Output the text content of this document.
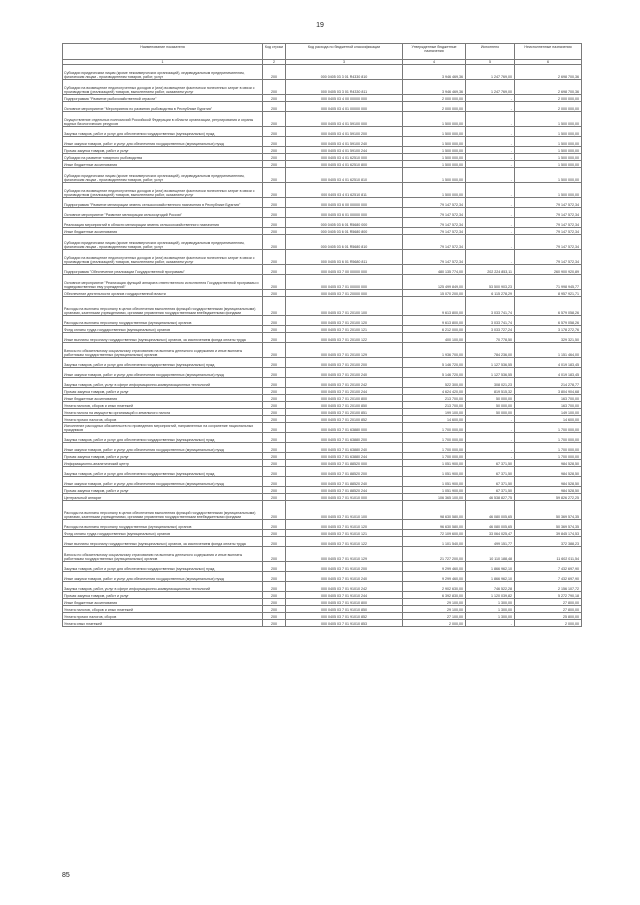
19
Наименование показателя	Код строки	Код расхода по бюджетной классификации	Утвержденные бюджетные назначения	Исполнено	Неисполненные назначения
1	2	3	4	5	6
Субсидии юридическим лицам (кроме некоммерческих организаций), индивидуальным предпринимателям, физическим лицам - производителям товаров, работ, услуг	200	000 0405 03 3 01 R4330 810	3 946 469,36	1 247 769,00	2 698 700,36
Субсидии на возмещение недополученных доходов и (или) возмещение фактически понесенных затрат в связи с производством (реализацией) товаров, выполнением работ, оказанием услуг	200	000 0405 03 3 01 R4330 811	3 946 469,36	1 247 769,00	2 698 700,36
Подпрограмма "Развитие рыбохозяйственной отрасли"	200	000 0405 03 4 00 00000 000	2 000 000,00	-	2 000 000,00
Основное мероприятие "Мероприятия по развитию рыбоводства в Республике Бурятия"	200	000 0405 03 4 01 00000 000	2 000 000,00	-	2 000 000,00
Осуществление отдельных полномочий Российской Федерации в области организации, регулирования и охраны водных биологических ресурсов	200	000 0405 03 4 01 59100 000	1 500 000,00	-	1 500 000,00
Закупка товаров, работ и услуг для обеспечения государственных (муниципальных) нужд	200	000 0405 03 4 01 59100 200	1 500 000,00	-	1 500 000,00
Иные закупки товаров, работ и услуг для обеспечения государственных (муниципальных) нужд	200	000 0405 03 4 01 59100 240	1 500 000,00	-	1 500 000,00
Прочая закупка товаров, работ и услуг	200	000 0405 03 4 01 59100 244	1 500 000,00	-	1 500 000,00
Субсидии на развитие товарного рыбоводства	200	000 0405 03 4 01 62510 000	1 500 000,00	-	1 500 000,00
Иные бюджетные ассигнования	200	000 0405 03 4 01 62510 800	1 500 000,00	-	1 500 000,00
Субсидии юридическим лицам (кроме некоммерческих организаций), индивидуальным предпринимателям, физическим лицам - производителям товаров, работ, услуг	200	000 0405 03 4 01 62510 810	1 500 000,00	-	1 500 000,00
Субсидии на возмещение недополученных доходов и (или) возмещение фактически понесенных затрат в связи с производством (реализацией) товаров, выполнением работ, оказанием услуг	200	000 0405 03 4 01 62510 811	1 500 000,00	-	1 500 000,00
Подпрограмма "Развитие мелиорации земель сельскохозяйственного назначения в Республике Бурятия"	200	000 0405 03 6 00 00000 000	79 147 572,34	-	79 147 572,34
Основное мероприятие "Развитие мелиорации сельхозугодий России"	200	000 0405 03 6 01 00000 000	79 147 572,34	-	79 147 572,34
Реализация мероприятий в области мелиорации земель сельскохозяйственного назначения	200	000 0405 03 6 01 R5680 000	79 147 572,34	-	79 147 572,34
Иные бюджетные ассигнования	200	000 0405 03 6 01 R5680 800	79 147 572,34	-	79 147 572,34
Субсидии юридическим лицам (кроме некоммерческих организаций), индивидуальным предпринимателям, физическим лицам - производителям товаров, работ, услуг	200	000 0405 03 6 01 R5680 810	79 147 572,34	-	79 147 572,34
Субсидии на возмещение недополученных доходов и (или) возмещение фактически понесенных затрат в связи с производством (реализацией) товаров, выполнением работ, оказанием услуг	200	000 0405 03 6 01 R5680 811	79 147 572,34	-	79 147 572,34
Подпрограмма "Обеспечение реализации Государственной программы"	200	000 0405 03 7 00 00000 000	480 135 774,00	202 224 853,11	260 900 920,89
Основное мероприятие "Реализация функций аппарата ответственного исполнителя Государственной программы и подведомственных ему учреждений"	200	000 0405 03 7 01 00000 000	125 499 849,00	53 500 903,23	71 998 945,77
Обеспечение деятельности органов государственной власти	200	000 0405 03 7 01 20000 000	15 070 200,00	6 115 278,29	8 957 921,71
Расходы на выплаты персоналу в целях обеспечения выполнения функций государственными (муниципальными) органами, казенными учреждениями, органами управления государственными внебюджетными фондами	200	000 0405 03 7 01 20100 100	9 613 800,00	3 033 741,74	6 579 058,26
Расходы на выплаты персоналу государственных (муниципальных) органов	200	000 0405 03 7 01 20100 120	9 613 800,00	3 033 741,74	6 579 058,26
Фонд оплаты труда государственных (муниципальных) органов	200	000 0405 03 7 01 20100 121	6 212 000,00	3 033 727,24	3 178 272,76
Иные выплаты персоналу государственных (муниципальных) органов, за исключением фонда оплаты труда	200	000 0405 03 7 01 20100 122	400 100,00	70 778,50	329 321,50
Взносы по обязательному социальному страхованию на выплаты денежного содержания и иные выплаты работникам государственных (муниципальных) органов	200	000 0405 03 7 01 20100 129	1 936 700,00	784 236,00	1 151 464,00
Закупка товаров, работ и услуг для обеспечения государственных (муниципальных) нужд	200	000 0405 03 7 01 20100 200	5 146 720,00	1 127 536,55	4 019 183,45
Иные закупки товаров, работ и услуг для обеспечения государственных (муниципальных) нужд	200	000 0405 03 7 01 20100 240	5 146 720,00	1 127 536,55	4 019 183,45
Закупка товаров, работ, услуг в сфере информационно-коммуникационных технологий	200	000 0405 03 7 01 20100 242	522 300,00	308 021,23	214 278,77
Прочая закупка товаров, работ и услуг	200	000 0405 03 7 01 20100 244	4 624 420,00	819 515,32	3 804 904,68
Иные бюджетные ассигнования	200	000 0405 03 7 01 20100 800	213 700,00	50 000,00	163 700,00
Уплата налогов, сборов и иных платежей	200	000 0405 03 7 01 20100 850	213 700,00	50 000,00	163 700,00
Уплата налога на имущество организаций и земельного налога	200	000 0405 03 7 01 20100 851	199 100,00	50 000,00	149 100,00
Уплата прочих налогов, сборов	200	000 0405 03 7 01 20100 852	14 600,00	-	14 600,00
Исполнение расходных обязательств по проведению мероприятий, направленных на сохранение национальных праздников	200	000 0405 03 7 01 63880 000	1 700 000,00	-	1 700 000,00
Закупка товаров, работ и услуг для обеспечения государственных (муниципальных) нужд	200	000 0405 03 7 01 63880 200	1 700 000,00	-	1 700 000,00
Иные закупки товаров, работ и услуг для обеспечения государственных (муниципальных) нужд	200	000 0405 03 7 01 63880 240	1 700 000,00	-	1 700 000,00
Прочая закупка товаров, работ и услуг	200	000 0405 03 7 01 63880 244	1 700 000,00	-	1 700 000,00
Информационно-аналитический центр	200	000 0405 03 7 01 88520 000	1 051 900,00	67 371,50	984 528,50
Закупка товаров, работ и услуг для обеспечения государственных (муниципальных) нужд	200	000 0405 03 7 01 88520 200	1 051 900,00	67 371,50	984 528,50
Иные закупки товаров, работ и услуг для обеспечения государственных (муниципальных) нужд	200	000 0405 03 7 01 88520 240	1 051 900,00	67 371,50	984 528,50
Прочая закупка товаров, работ и услуг	200	000 0405 03 7 01 88520 244	1 051 900,00	67 371,50	984 528,50
Центральный аппарат	200	000 0405 03 7 01 91010 000	106 365 100,00	46 538 827,75	59 826 272,25
Расходы на выплаты персоналу в целях обеспечения выполнения функций государственными (муниципальными) органами, казенными учреждениями, органами управления государственными внебюджетными фондами	200	000 0405 03 7 01 91010 100	98 630 580,00	46 080 005,65	50 369 574,35
Расходы на выплаты персоналу государственных (муниципальных) органов	200	000 0405 03 7 01 91010 120	96 630 580,00	46 080 005,65	50 369 574,35
Фонд оплаты труда государственных (муниципальных) органов	200	000 0405 03 7 01 91010 121	72 109 600,00	33 064 025,47	39 845 174,53
Иные выплаты персоналу государственных (муниципальных) органов, за исключением фонда оплаты труда	200	000 0405 03 7 01 91010 122	1 101 540,00	499 151,77	372 388,23
Взносы по обязательному социальному страхованию на выплаты денежного содержания и иные выплаты работникам государственных (муниципальных) органов	200	000 0405 03 7 01 91010 129	21 727 200,00	10 110 188,48	11 602 011,54
Закупка товаров, работ и услуг для обеспечения государственных (муниципальных) нужд	200	000 0405 03 7 01 91010 200	9 299 460,00	1 866 962,10	7 432 697,90
Иные закупки товаров, работ и услуг для обеспечения государственных (муниципальных) нужд	200	000 0405 03 7 01 91010 240	9 299 460,00	1 866 962,10	7 432 697,90
Закупка товаров, работ, услуг в сфере информационно-коммуникационных технологий	200	000 0405 03 7 01 91010 242	2 902 630,00	746 522,28	2 156 107,72
Прочая закупка товаров, работ и услуг	200	000 0405 03 7 01 91010 244	6 392 830,00	1 120 039,82	5 272 790,18
Иные бюджетные ассигнования	200	000 0405 03 7 01 91010 800	29 100,00	1 300,00	27 800,00
Уплата налогов, сборов и иных платежей	200	000 0405 03 7 01 91010 850	29 100,00	1 300,00	27 800,00
Уплата прочих налогов, сборов	200	000 0405 03 7 01 91010 852	27 100,00	1 300,00	25 800,00
Уплата иных платежей	200	000 0405 03 7 01 91010 853	2 000,00	-	2 000,00
85
